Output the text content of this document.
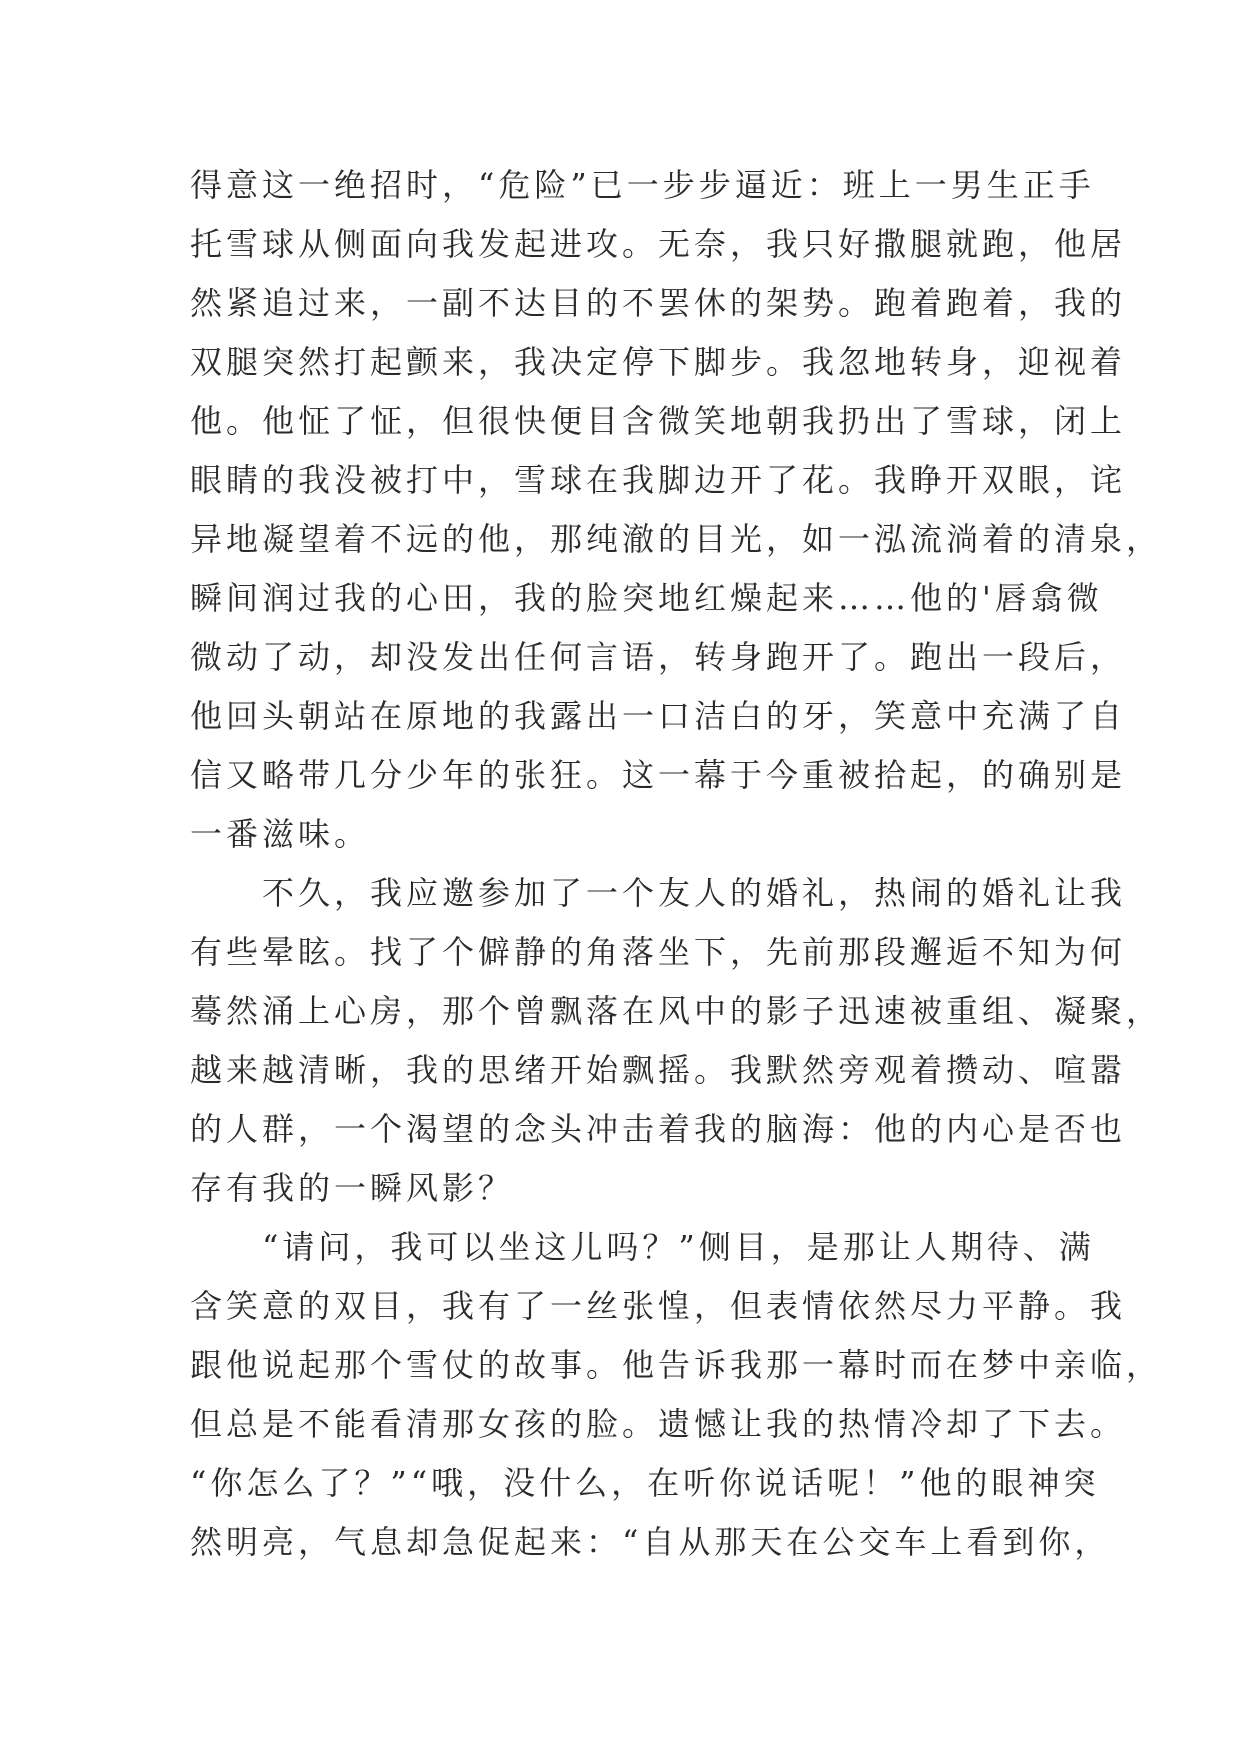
得意这一绝招时，“危险”已一步步逼近：班上一男生正手
托雪球从侧面向我发起进攻。无奈，我只好撒腿就跑，他居
然紧追过来，一副不达目的不罢休的架势。跑着跑着，我的
双腿突然打起颤来，我决定停下脚步。我忽地转身，迎视着
他。他怔了怔，但很快便目含微笑地朝我扔出了雪球，闭上
眼睛的我没被打中，雪球在我脚边开了花。我睁开双眼，诧
异地凝望着不远的他，那纯澈的目光，如一泓流淌着的清泉，
瞬间润过我的心田，我的脸突地红燥起来……他的'唇翕微
微动了动，却没发出任何言语，转身跑开了。跑出一段后，
他回头朝站在原地的我露出一口洁白的牙，笑意中充满了自
信又略带几分少年的张狂。这一幕于今重被拾起，的确别是
一番滋味。
不久，我应邀参加了一个友人的婚礼，热闹的婚礼让我
有些晕眩。找了个僻静的角落坐下，先前那段邂逅不知为何
蓦然涌上心房，那个曾飘落在风中的影子迅速被重组、凝聚，
越来越清晰，我的思绪开始飘摇。我默然旁观着攒动、喧嚣
的人群，一个渴望的念头冲击着我的脑海：他的内心是否也
存有我的一瞬风影？
“请问，我可以坐这儿吗？”侧目，是那让人期待、满
含笑意的双目，我有了一丝张惶，但表情依然尽力平静。我
跟他说起那个雪仗的故事。他告诉我那一幕时而在梦中亲临，
但总是不能看清那女孩的脸。遗憾让我的热情冷却了下去。
“你怎么了？”“哦，没什么，在听你说话呢！”他的眼神突
然明亮，气息却急促起来：“自从那天在公交车上看到你，
